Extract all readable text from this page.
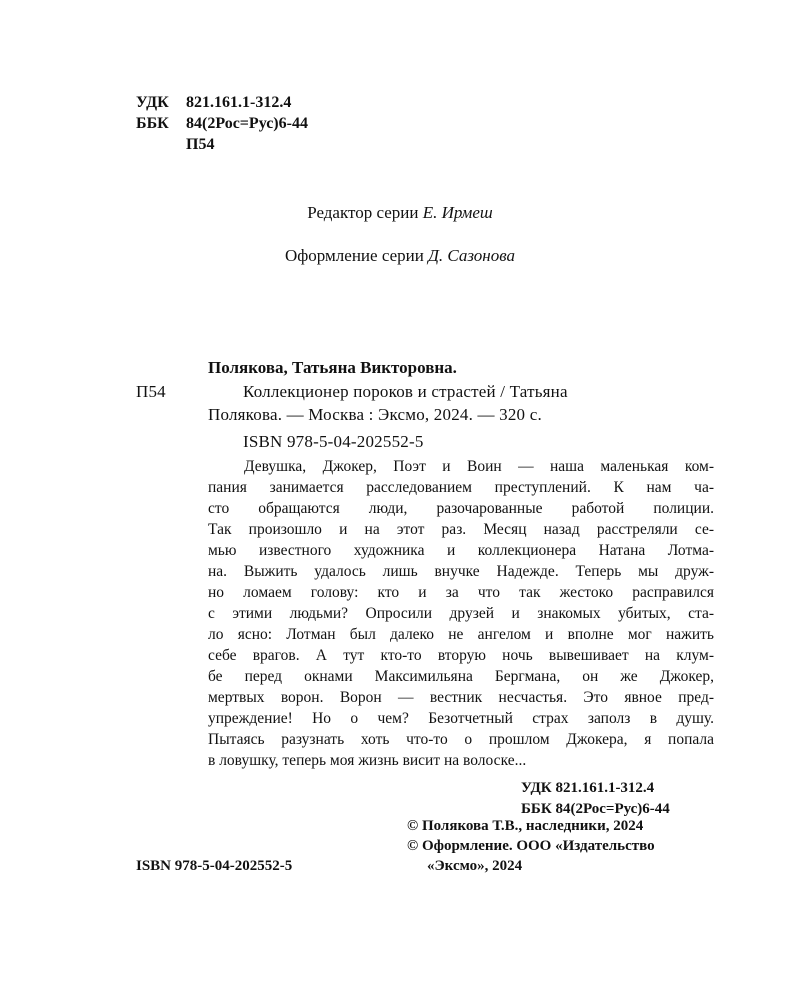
УДК 821.161.1-312.4
ББК 84(2Рос=Рус)6-44
П54
Редактор серии Е. Ирмеш
Оформление серии Д. Сазонова
Полякова, Татьяна Викторовна.
П54	Коллекционер пороков и страстей / Татьяна
Полякова. — Москва : Эксмо, 2024. — 320 с.
ISBN 978-5-04-202552-5
Девушка, Джокер, Поэт и Воин — наша маленькая ком-
пания занимается расследованием преступлений. К нам ча-
сто обращаются люди, разочарованные работой полиции.
Так произошло и на этот раз. Месяц назад расстреляли се-
мью известного художника и коллекционера Натана Лотма-
на. Выжить удалось лишь внучке Надежде. Теперь мы друж-
но ломаем голову: кто и за что так жестоко расправился
с этими людьми? Опросили друзей и знакомых убитых, ста-
ло ясно: Лотман был далеко не ангелом и вполне мог нажить
себе врагов. А тут кто-то вторую ночь вывешивает на клум-
бе перед окнами Максимильяна Бергмана, он же Джокер,
мертвых ворон. Ворон — вестник несчастья. Это явное пред-
упреждение! Но о чем? Безотчетный страх заполз в душу.
Пытаясь разузнать хоть что-то о прошлом Джокера, я попала
в ловушку, теперь моя жизнь висит на волоске...
УДК 821.161.1-312.4
ББК 84(2Рос=Рус)6-44
© Полякова Т.В., наследники, 2024
© Оформление. ООО «Издательство
«Эксмо», 2024
ISBN 978-5-04-202552-5
